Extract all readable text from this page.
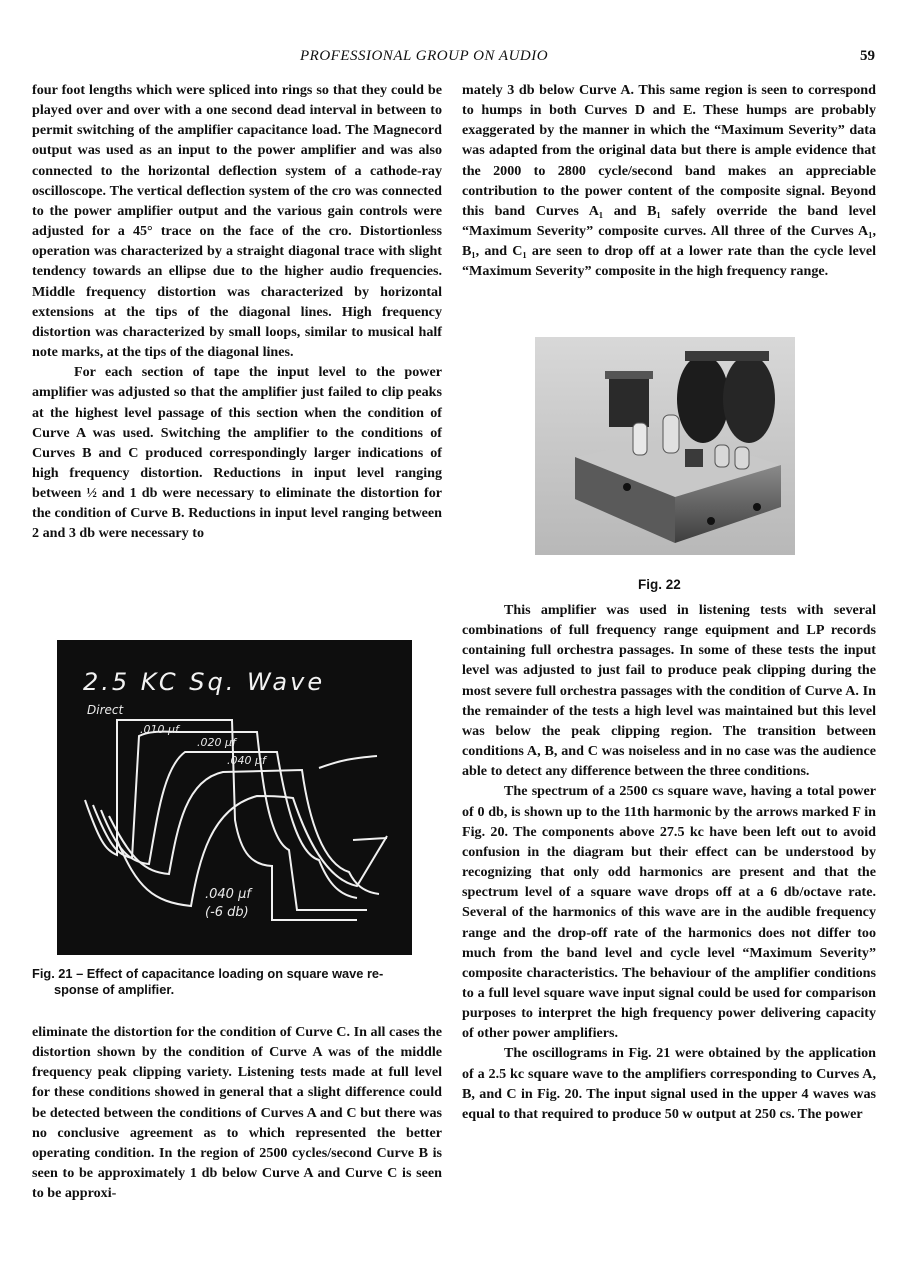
PROFESSIONAL GROUP ON AUDIO	59

four foot lengths which were spliced into rings so that they could be played over and over with a one second dead interval in between to permit switching of the amplifier capacitance load. The Magnecord output was used as an input to the power amplifier and was also connected to the horizontal deflection system of a cathode-ray oscilloscope. The vertical deflection system of the cro was connected to the power amplifier output and the various gain controls were adjusted for a 45° trace on the face of the cro. Distortionless operation was characterized by a straight diagonal trace with slight tendency towards an ellipse due to the higher audio frequencies. Middle frequency distortion was characterized by horizontal extensions at the tips of the diagonal lines. High frequency distortion was characterized by small loops, similar to musical half note marks, at the tips of the diagonal lines.

For each section of tape the input level to the power amplifier was adjusted so that the amplifier just failed to clip peaks at the highest level passage of this section when the condition of Curve A was used. Switching the amplifier to the conditions of Curves B and C produced correspondingly larger indications of high frequency distortion. Reductions in input level ranging between ½ and 1 db were necessary to eliminate the distortion for the condition of Curve B. Reductions in input level ranging between 2 and 3 db were necessary to

2.5 KC Sq. Wave
Direct
.010 µf
.020 µf
.040 µf
.040 µf
(-6 db)
Fig. 21 – Effect of capacitance loading on square wave re-
sponse of amplifier.

eliminate the distortion for the condition of Curve C. In all cases the distortion shown by the condition of Curve A was of the middle frequency peak clipping variety. Listening tests made at full level for these conditions showed in general that a slight difference could be detected between the conditions of Curves A and C but there was no conclusive agreement as to which represented the better operating condition. In the region of 2500 cycles/second Curve B is seen to be approximately 1 db below Curve A and Curve C is seen to be approxi-

mately 3 db below Curve A. This same region is seen to correspond to humps in both Curves D and E. These humps are probably exaggerated by the manner in which the “Maximum Severity” data was adapted from the original data but there is ample evidence that the 2000 to 2800 cycle/second band makes an appreciable contribution to the power content of the composite signal. Beyond this band Curves A₁ and B₁ safely override the band level “Maximum Severity” composite curves. All three of the Curves A₁, B₁, and C₁ are seen to drop off at a lower rate than the cycle level “Maximum Severity” composite in the high frequency range.

Fig. 22

This amplifier was used in listening tests with several combinations of full frequency range equipment and LP records containing full orchestra passages. In some of these tests the input level was adjusted to just fail to produce peak clipping during the most severe full orchestra passages with the condition of Curve A. In the remainder of the tests a high level was maintained but this level was below the peak clipping region. The transition between conditions A, B, and C was noiseless and in no case was the audience able to detect any difference between the three conditions.

The spectrum of a 2500 cs square wave, having a total power of 0 db, is shown up to the 11th harmonic by the arrows marked F in Fig. 20. The components above 27.5 kc have been left out to avoid confusion in the diagram but their effect can be understood by recognizing that only odd harmonics are present and that the spectrum level of a square wave drops off at a 6 db/octave rate. Several of the harmonics of this wave are in the audible frequency range and the drop-off rate of the harmonics does not differ too much from the band level and cycle level “Maximum Severity” composite characteristics. The behaviour of the amplifier conditions to a full level square wave input signal could be used for comparison purposes to interpret the high frequency power delivering capacity of other power amplifiers.

The oscillograms in Fig. 21 were obtained by the application of a 2.5 kc square wave to the amplifiers corresponding to Curves A, B, and C in Fig. 20. The input signal used in the upper 4 waves was equal to that required to produce 50 w output at 250 cs. The power
